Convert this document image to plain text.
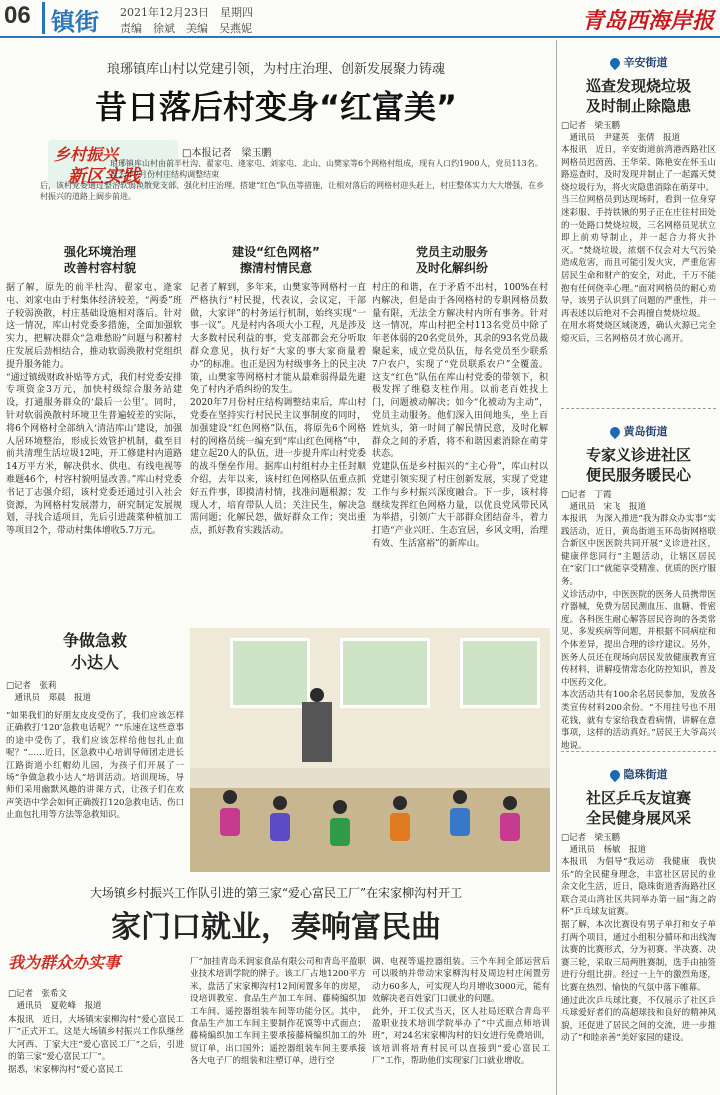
06 镇街	2021年12月23日　星期四
责编　徐斌　美编　吴燕妮	青岛西海岸报
琅琊镇库山村以党建引领，为村庄治理、创新发展聚力铸魂
昔日落后村变身“红富美”
乡村振兴
新区实践
□本报记者　梁玉鹏
琅琊镇库山村由前半杜沟、翟家屯、逄家屯、刘家屯、北山、山樊家等6个网格村组成，现有人口约1900人，党员113名。自去年7月份村庄结构调整结束
后，该村党委通过整治软弱涣散党支部、强化村庄治理、搭建“红色”队伍等措施，让相对落后的网格村迎头赶上，村庄整体实力大大增强，在乡村振兴的道路上阔步前进。
强化环境治理
改善村容村貌
建设“红色网格”
擦清村情民意
党员主动服务
及时化解纠纷
据了解，原先的前半杜沟、翟家屯、逄家屯、刘家屯由于村集体经济较差，“两委”班子较弱涣散，村庄基础设施相对落后。针对这一情况，库山村党委多措施，全面加强软实力，把解决群众“急难愁盼”问题与积蓄村庄发展后劲相结合，推动软弱涣散村党组织提升服务能力。
“通过镇级财政补贴等方式，我们村党委安排专项资金3万元，加快村级综合服务站建设，打通服务群众的‘最后一公里’。同时，针对软弱涣散村环境卫生普遍较差的实际，将6个网格村全部纳入‘清洁库山’建设，加强人居环境整治，形成长效管护机制，截至目前共清理生活垃圾12吨，开工修建村内道路14万平方米，解决供水、供电、有线电视等难题46个，村容村貌明显改善。”库山村党委书记丁志强介绍，该村党委还通过引入社会资源，为网格村发展潜力，研究制定发展规划，寻找合适项目，先后引进蔬菜种植加工等项目2个，带动村集体增收5.7万元。
记者了解到，多年来，山樊家等网格村一直严格执行“村民提，代表议，会议定，干部做，大家评”的村务运行机制，始终实现“一事一议”。凡是村内各项大小工程，凡是涉及大多数村民利益的事，党支部都会充分听取群众意见，执行好“大家的事大家商量着办”的标准。也正是因为村级事务上的民主决策，山樊家等网格村才能从最难弱得最先避免了村内矛盾纠纷的发生。
2020年7月份村庄结构调整结束后，库山村党委在坚持实行村民民主议事制度的同时，加强建设“红色网格”队伍，将原先6个网格村的网格员统一编充到“库山红色网格”中，建立起20人的队伍，进一步提升库山村党委的战斗堡垒作用。据库山村组村办主任封顺介绍，去年以来，该村红色网格队伍重点抓好五件事，即摸清村情，找准问题根源；发现人才，培育带队人员；关注民生，解决急需问题；化解民怨，做好群众工作；突出重点，抓好教育实践活动。
村庄的和谐，在于矛盾不出村，100%在村内解决，但是由于各网格村的专职网格员数量有限，无法全方解决村内所有事务。针对这一情况，库山村把全村113名党员中除了年老体弱的20名党员外，其余的93名党员裁聚起来，成立党员队伍，每名党员至少联系7户农户，实现了“党员联系农户”全覆盖。这支“红色”队伍在库山村党委的带领下，积极发挥了维稳支柱作用。以前老百姓找上门，问题被动解决；如今“化被动为主动”，党员主动服务。他们深入田间地头，坐上百姓炕头，第一时间了解民情民意，及时化解群众之间的矛盾，将不和谐因素消除在萌芽状态。
党建队伍是乡村振兴的“主心骨”，库山村以党建引领实现了村庄创新发展，实现了党建工作与乡村振兴深度融合。下一步，该村将继续发挥红色网格力量，以优良党风带民风为举措，引领广大干部群众团结奋斗，着力打造“产业兴旺、生态宜居，乡风文明，治理有效、生活富裕”的新库山。
争做急救
小达人
□记者　张莉
　通讯员　郑晨　报道
“如果我们的好朋友皮皮受伤了，我们应该怎样正确救打‘120’急救电话呢？”“乐速在这些意事的途中受伤了，我们应该怎样给他包扎止血呢？”……近日，区急救中心培训导师团走进长江路街道小红帽幼儿园，为孩子们开展了一场“争做急救小达人”培训活动。培训现场，导师们采用幽默风趣的讲课方式，让孩子们在欢声笑语中学会如何正确拨打120急救电话、伤口止血包扎用等方法等急救知识。
大场镇乡村振兴工作队引进的第三家“爱心富民工厂”在宋家柳沟村开工
家门口就业，奏响富民曲
我为群众办实事
□记者　张希文
　通讯员　夏乾峰　报道
本报讯　近日，大场镇宋家柳沟村“爱心富民工厂”正式开工。这是大场镇乡村振兴工作队继丝大河西、丁家大庄“爱心富民工厂”之后，引进的第三家“爱心富民工厂”。
据悉，宋家柳沟村“爱心富民工
厂”加挂青岛禾润家食品有限公司和青岛平盈职业技术培训学院的牌子。该工厂占地1200平方米，盘活了宋家柳沟村12间闲置多年的房屋，设培训教室、食品生产加工车间、藤椅编织加工车间、遥控器组装车间等功能分区。其中，食品生产加工车间主要制作花馍等中式面点；藤椅编织加工车间主要承接藤椅编织加工的外贸订单，出口国外；遥控器组装车间主要承接各大电子厂的组装和注塑订单，进行空
调、电视等遥控器组装。三个车间全部运营后可以吸纳并带动宋家柳沟村及周边村庄闲置劳动力60多人，可实现人均月增收3000元，能有效解决老百姓家门口就业的问题。
此外，开工仪式当天，区人社局还联合青岛平盈职业技术培训学院举办了“中式面点师培训班”，对24名宋家柳沟村的妇女进行免费培训，该培训将培育村民可以直接到“爱心富民工厂”工作，帮助他们实现家门口就业增收。
辛安街道
巡查发现烧垃圾
及时制止除隐患
□记者　梁玉鹏
　通讯员　尹建英　张倩　报道
本报讯　近日，辛安街道前湾港西路社区网格员迟茵茵、王华荣、陈艳安在怀玉山路巡查时，及时发现并制止了一起露天焚烧垃圾行为，将火灾隐患消除在萌芽中。
当三位网格员到达现场时，看到一位身穿迷彩服、手持铁锹的男子正在庄往村田处的一处路口焚烧垃圾，三名网格员见状立即上前劝导制止，并一起合力将火扑灭。“焚烧垃圾，浓烟不仅会对大气污染造成危害，而且可能引发火灾，严重危害居民生命和财产的安全，对此，千万不能抱有任何侥幸心理。”面对网格员的耐心劝导，该男子认识到了问题的严重性，并一再表述以后绝对不会再擅自焚烧垃圾。
在用水将焚烧区域浇透，确认火源已完全熄灭后，三名网格员才放心离开。
黄岛街道
专家义诊进社区
便民服务暖民心
□记者　丁霞
　通讯员　宋飞　报道
本报讯　为深入推进“我为群众办实事”实践活动，近日，黄岛街道玉环岛街网格联合新区中医医院共同开展“义诊进社区，健康伴您同行”主题活动，让辖区居民在“家门口”就能享受精准、优质的医疗服务。
义诊活动中，中医医院的医务人员携带医疗器械，免费为居民测血压、血糖、骨密度。各科医生耐心解答居民咨询的各类常见、多发疾病等问题，并根据不同病症和个体差异，提出合理的诊疗建议。另外，医务人员还在现场向居民发放健康教育宣传材料，讲解疫情常态化防控知识，普及中医药文化。
本次活动共有100余名居民参加，发放各类宣传材料200余份。“不用挂号也不用花钱，就有专家给我查看病情，讲解在意事项，这样的活动真好。”居民王大爷高兴地说。
隐珠街道
社区乒乓友谊赛
全民健身展风采
□记者　梁玉鹏
　通讯员　杨敏　报道
本报讯　为倡导“我运动　我健康　我快乐”的全民健身理念，丰富社区居民的业余文化生活，近日，隐珠街道香海路社区联合灵山湾社区共同举办第一届“海之韵杯”乒乓球友谊赛。
据了解，本次比赛设有男子单打和女子单打两个项目，通过小组积分循环和出线淘汰赛的比赛形式，分为初赛、半决赛、决赛三轮，采取三局两胜赛制，选手由抽签进行分组比拼。经过一上午的激烈角逐，比赛在热烈、愉快的气氛中落下帷幕。
通过此次乒乓球比赛，不仅展示了社区乒乓球爱好者们的高超球技和良好的精神风貌，还促进了居民之间的交流，进一步推动了“和睦亲善”美好家园的建设。
